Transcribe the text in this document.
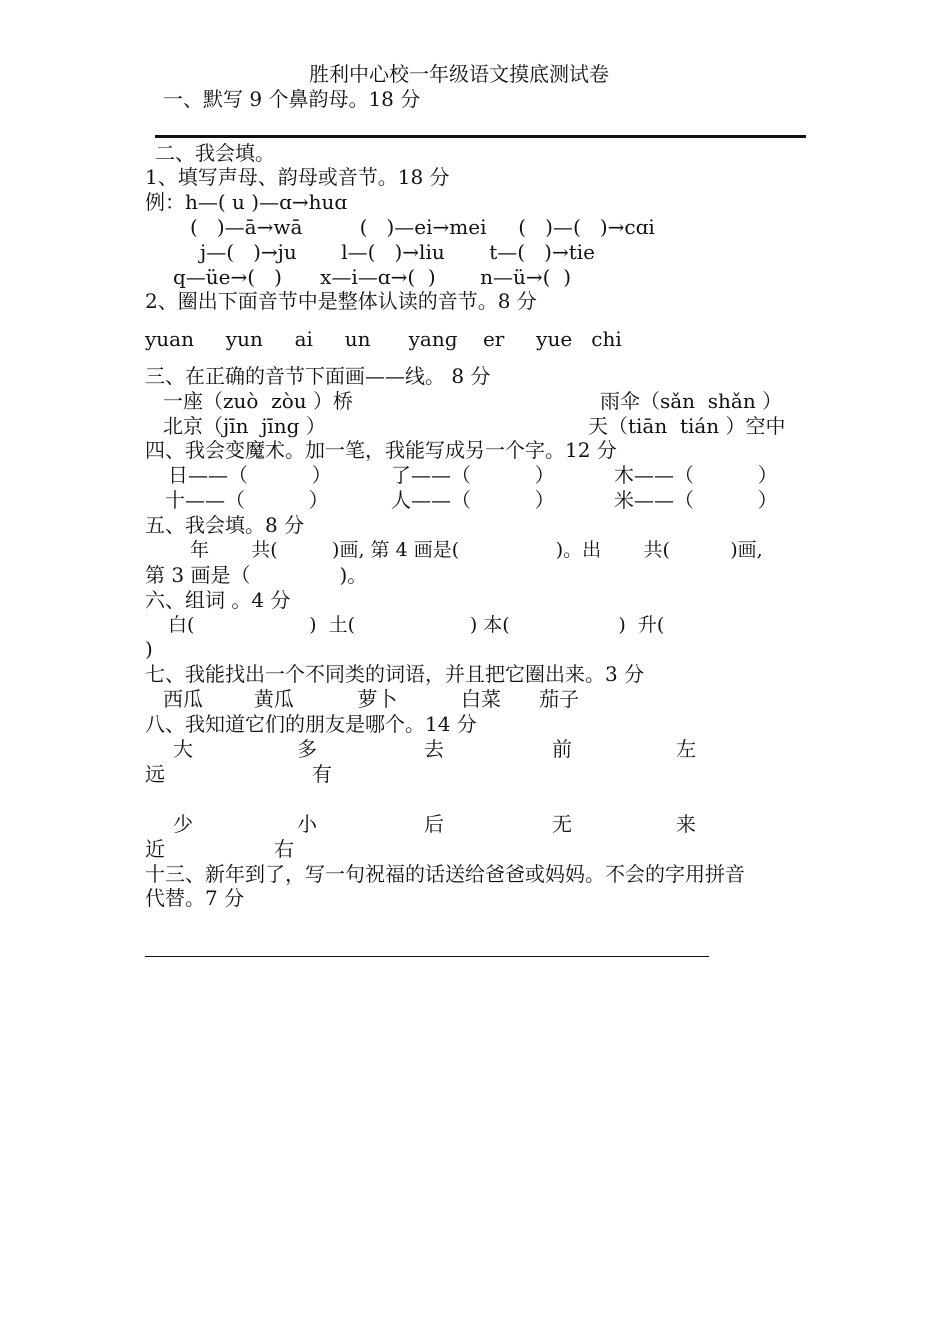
胜利中心校一年级语文摸底测试卷
一、默写 9 个鼻韵母。18 分
二、我会填。
1、填写声母、韵母或音节。18 分
例：h—( u )—ɑ→huɑ
(   )—ā→wā         (   )—ei→mei     (   )—(   )→cɑi
j—(   )→ju       l—(   )→liu       t—(   )→tie
q—üe→(   )      x—i—ɑ→(  )       n—ü→(  )
2、圈出下面音节中是整体认读的音节。8 分
yuan     yun     ai     un      yanɡ    er     yue   chi
三、在正确的音节下面画——线。 8 分
一座（zuò  zòu ）桥	雨伞（sǎn  shǎn ）
北京（jīn  jīng ）	天（tiān  tián ）空中
四、我会变魔术。加一笔，我能写成另一个字。12 分
日——（          ）	了——（          ）	木——（          ）
十——（          ）	人——（          ）	米——（          ）
五、我会填。8 分
年       共(         )画, 第 4 画是(                )。出       共(          )画,
第 3 画是（              )。
六、组词 。4 分
白(                   )  土(                   ) 本(                  )  升(
)
七、我能找出一个不同类的词语，并且把它圈出来。3 分
西瓜        黄瓜          萝卜          白菜      茄子
八、我知道它们的朋友是哪个。14 分
大	多	去	前	左
远	有
少	小	后	无	来
近	右
十三、新年到了，写一句祝福的话送给爸爸或妈妈。不会的字用拼音
代替。7 分
